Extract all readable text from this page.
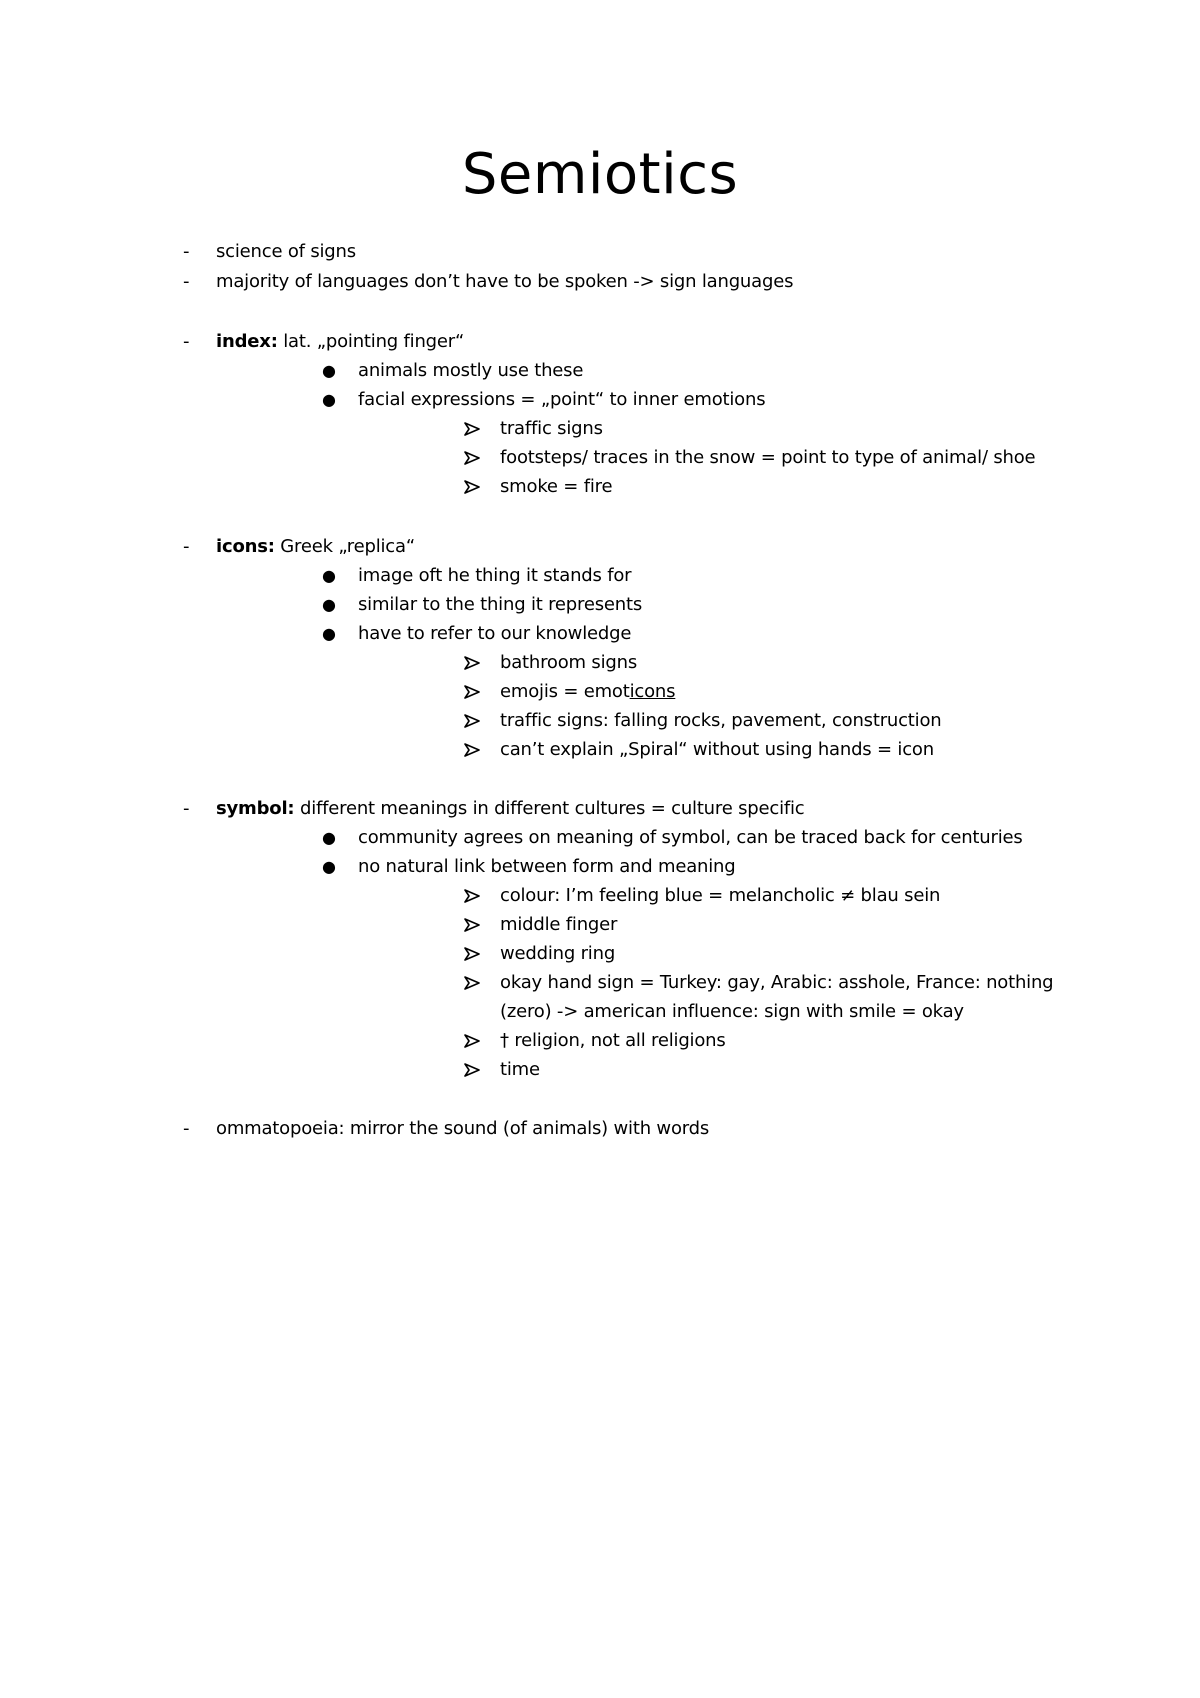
Semiotics
- science of signs
- majority of languages don’t have to be spoken -> sign languages
- index: lat. „pointing finger“
● animals mostly use these
● facial expressions = „point“ to inner emotions
traffic signs
footsteps/ traces in the snow = point to type of animal/ shoe
smoke = fire
- icons: Greek „replica“
● image oft he thing it stands for
● similar to the thing it represents
● have to refer to our knowledge
bathroom signs
emojis = emoticons
traffic signs: falling rocks, pavement, construction
can’t explain „Spiral“ without using hands = icon
- symbol: different meanings in different cultures = culture specific
● community agrees on meaning of symbol, can be traced back for centuries
● no natural link between form and meaning
colour: I’m feeling blue = melancholic ≠ blau sein
middle finger
wedding ring
okay hand sign = Turkey: gay, Arabic: asshole, France: nothing
(zero) -> american influence: sign with smile = okay
† religion, not all religions
time
- ommatopoeia: mirror the sound (of animals) with words
